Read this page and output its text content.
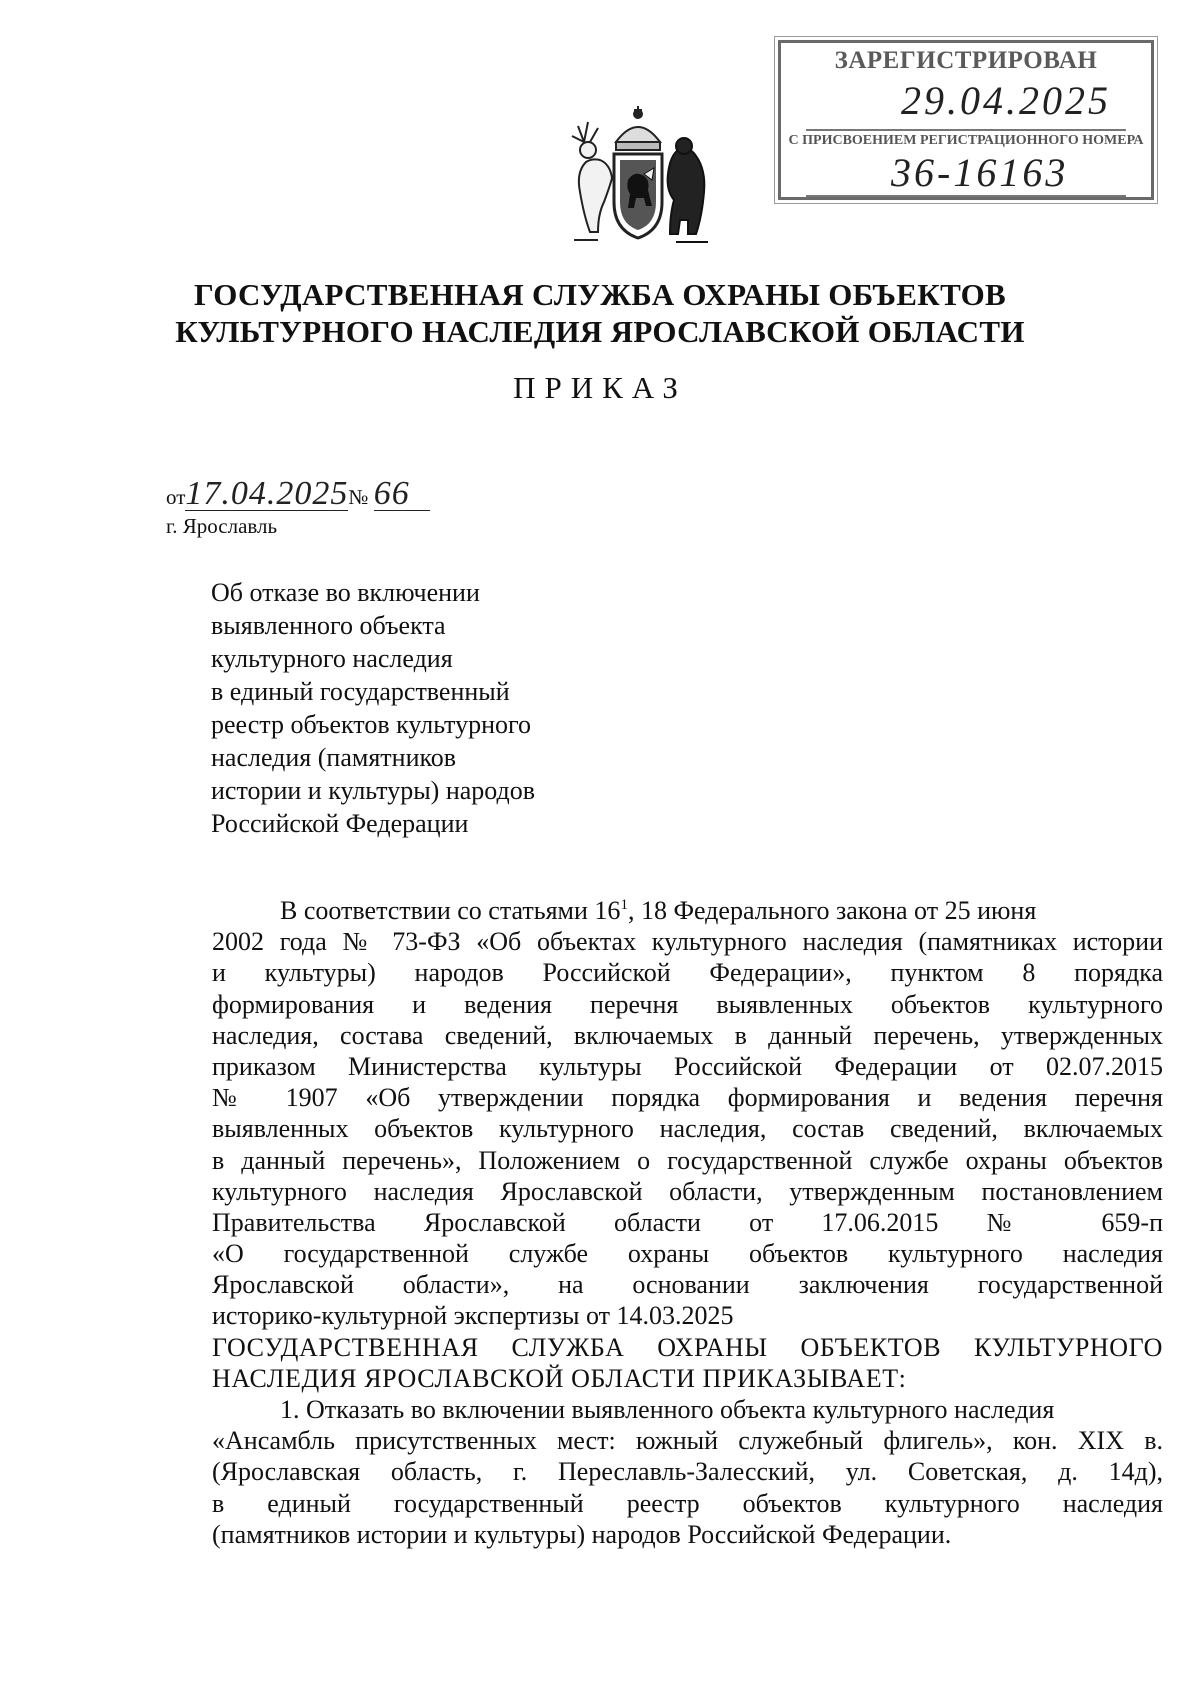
ЗАРЕГИСТРИРОВАН
29.04.2025
С ПРИСВОЕНИЕМ РЕГИСТРАЦИОННОГО НОМЕРА
36-16163
ГОСУДАРСТВЕННАЯ СЛУЖБА ОХРАНЫ ОБЪЕКТОВ
КУЛЬТУРНОГО НАСЛЕДИЯ ЯРОСЛАВСКОЙ ОБЛАСТИ
ПРИКАЗ
от17.04.2025№ 66
г. Ярославль
Об отказе во включении
выявленного объекта
культурного наследия
в единый государственный
реестр объектов культурного
наследия (памятников
истории и культуры) народов
Российской Федерации
В соответствии со статьями $16^1$, 18 Федерального закона от 25 июня
2002 года № 73-ФЗ «Об объектах культурного наследия (памятниках истории
и культуры) народов Российской Федерации», пунктом 8 порядка
формирования и ведения перечня выявленных объектов культурного
наследия, состава сведений, включаемых в данный перечень, утвержденных
приказом Министерства культуры Российской Федерации от 02.07.2015
№ 1907 «Об утверждении порядка формирования и ведения перечня
выявленных объектов культурного наследия, состав сведений, включаемых
в данный перечень», Положением о государственной службе охраны объектов
культурного наследия Ярославской области, утвержденным постановлением
Правительства Ярославской области от 17.06.2015 № 659-п
«О государственной службе охраны объектов культурного наследия
Ярославской области», на основании заключения государственной
историко-культурной экспертизы от 14.03.2025
ГОСУДАРСТВЕННАЯ СЛУЖБА ОХРАНЫ ОБЪЕКТОВ КУЛЬТУРНОГО
НАСЛЕДИЯ ЯРОСЛАВСКОЙ ОБЛАСТИ ПРИКАЗЫВАЕТ:
1. Отказать во включении выявленного объекта культурного наследия
«Ансамбль присутственных мест: южный служебный флигель», кон. XIX в.
(Ярославская область, г. Переславль-Залесский, ул. Советская, д. 14д),
в единый государственный реестр объектов культурного наследия
(памятников истории и культуры) народов Российской Федерации.
